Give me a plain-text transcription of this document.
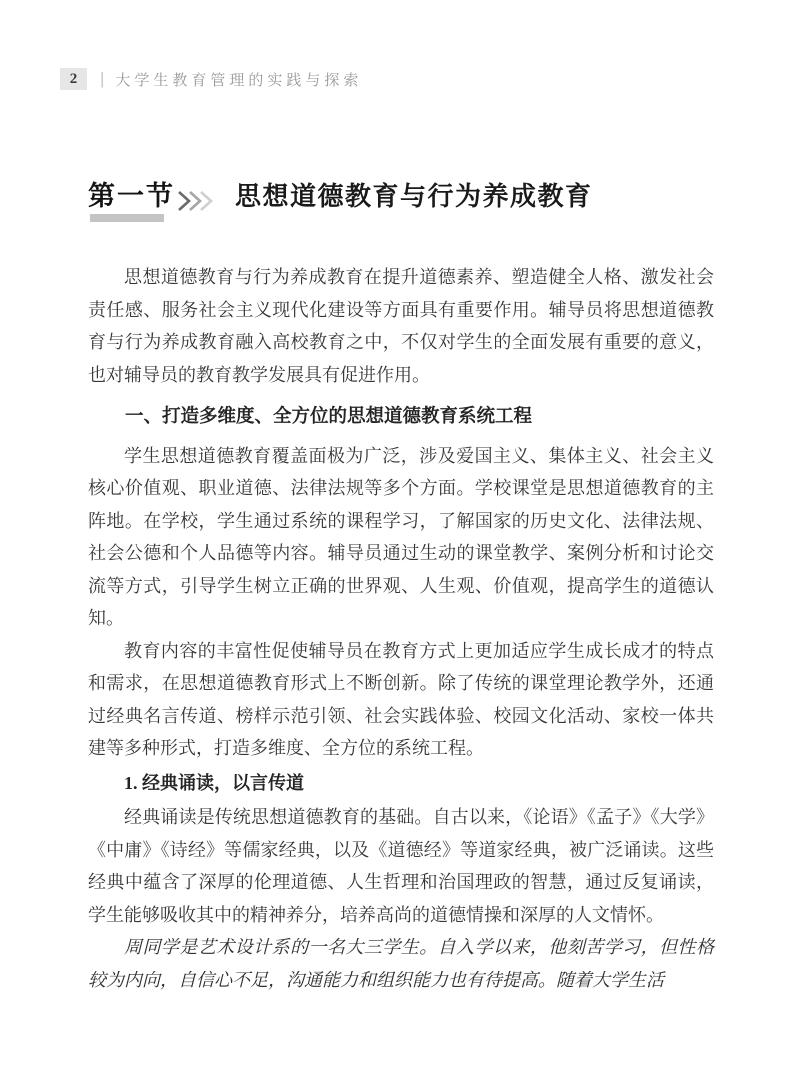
2	| 大学生教育管理的实践与探索
第一节 思想道德教育与行为养成教育

思想道德教育与行为养成教育在提升道德素养、塑造健全人格、激发社会责任感、服务社会主义现代化建设等方面具有重要作用。辅导员将思想道德教育与行为养成教育融入高校教育之中，不仅对学生的全面发展有重要的意义，也对辅导员的教育教学发展具有促进作用。

一、打造多维度、全方位的思想道德教育系统工程

学生思想道德教育覆盖面极为广泛，涉及爱国主义、集体主义、社会主义核心价值观、职业道德、法律法规等多个方面。学校课堂是思想道德教育的主阵地。在学校，学生通过系统的课程学习，了解国家的历史文化、法律法规、社会公德和个人品德等内容。辅导员通过生动的课堂教学、案例分析和讨论交流等方式，引导学生树立正确的世界观、人生观、价值观，提高学生的道德认知。

教育内容的丰富性促使辅导员在教育方式上更加适应学生成长成才的特点和需求，在思想道德教育形式上不断创新。除了传统的课堂理论教学外，还通过经典名言传道、榜样示范引领、社会实践体验、校园文化活动、家校一体共建等多种形式，打造多维度、全方位的系统工程。

1. 经典诵读，以言传道

经典诵读是传统思想道德教育的基础。自古以来，《论语》《孟子》《大学》《中庸》《诗经》等儒家经典，以及《道德经》等道家经典，被广泛诵读。这些经典中蕴含了深厚的伦理道德、人生哲理和治国理政的智慧，通过反复诵读，学生能够吸收其中的精神养分，培养高尚的道德情操和深厚的人文情怀。

周同学是艺术设计系的一名大三学生。自入学以来，他刻苦学习，但性格较为内向，自信心不足，沟通能力和组织能力也有待提高。随着大学生活
